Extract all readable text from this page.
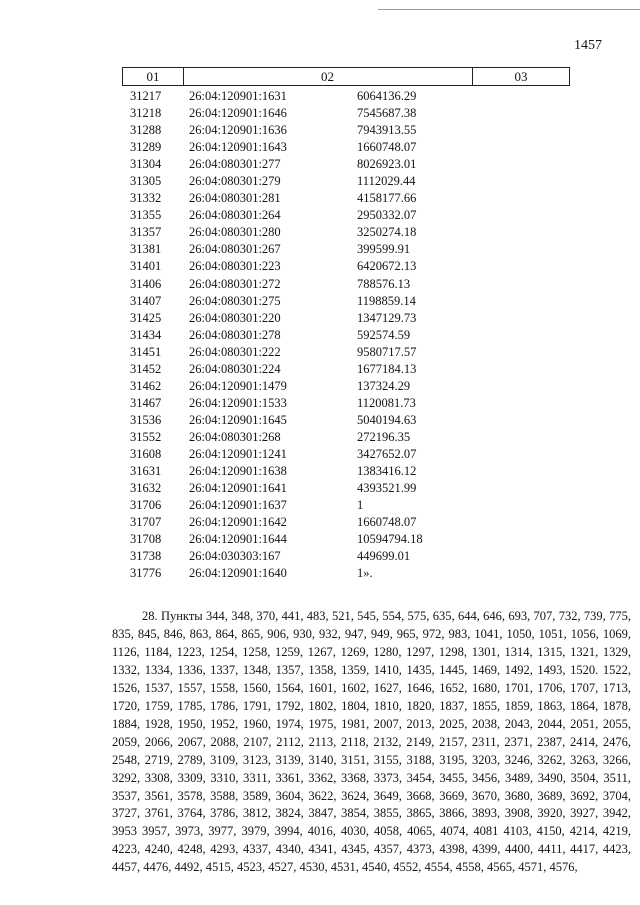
1457
01	02	03
31217 26:04:120901:1631	6064136.29
31218 26:04:120901:1646	7545687.38
31288 26:04:120901:1636	7943913.55
31289 26:04:120901:1643	1660748.07
31304 26:04:080301:277	8026923.01
31305 26:04:080301:279	1112029.44
31332 26:04:080301:281	4158177.66
31355 26:04:080301:264	2950332.07
31357 26:04:080301:280	3250274.18
31381 26:04:080301:267	399599.91
31401 26:04:080301:223	6420672.13
31406 26:04:080301:272	788576.13
31407 26:04:080301:275	1198859.14
31425 26:04:080301:220	1347129.73
31434 26:04:080301:278	592574.59
31451 26:04:080301:222	9580717.57
31452 26:04:080301:224	1677184.13
31462 26:04:120901:1479	137324.29
31467 26:04:120901:1533	1120081.73
31536 26:04:120901:1645	5040194.63
31552 26:04:080301:268	272196.35
31608 26:04:120901:1241	3427652.07
31631 26:04:120901:1638	1383416.12
31632 26:04:120901:1641	4393521.99
31706 26:04:120901:1637	1
31707 26:04:120901:1642	1660748.07
31708 26:04:120901:1644	10594794.18
31738 26:04:030303:167	449699.01
31776 26:04:120901:1640	1».
28. Пункты 344, 348, 370, 441, 483, 521, 545, 554, 575, 635, 644, 646, 693, 707, 732, 739, 775, 835, 845, 846, 863, 864, 865, 906, 930, 932, 947, 949, 965, 972, 983, 1041, 1050, 1051, 1056, 1069, 1126, 1184, 1223, 1254, 1258, 1259, 1267, 1269, 1280, 1297, 1298, 1301, 1314, 1315, 1321, 1329, 1332, 1334, 1336, 1337, 1348, 1357, 1358, 1359, 1410, 1435, 1445, 1469, 1492, 1493, 1520. 1522, 1526, 1537, 1557, 1558, 1560, 1564, 1601, 1602, 1627, 1646, 1652, 1680, 1701, 1706, 1707, 1713, 1720, 1759, 1785, 1786, 1791, 1792, 1802, 1804, 1810, 1820, 1837, 1855, 1859, 1863, 1864, 1878, 1884, 1928, 1950, 1952, 1960, 1974, 1975, 1981, 2007, 2013, 2025, 2038, 2043, 2044, 2051, 2055, 2059, 2066, 2067, 2088, 2107, 2112, 2113, 2118, 2132, 2149, 2157, 2311, 2371, 2387, 2414, 2476, 2548, 2719, 2789, 3109, 3123, 3139, 3140, 3151, 3155, 3188, 3195, 3203, 3246, 3262, 3263, 3266, 3292, 3308, 3309, 3310, 3311, 3361, 3362, 3368, 3373, 3454, 3455, 3456, 3489, 3490, 3504, 3511, 3537, 3561, 3578, 3588, 3589, 3604, 3622, 3624, 3649, 3668, 3669, 3670, 3680, 3689, 3692, 3704, 3727, 3761, 3764, 3786, 3812, 3824, 3847, 3854, 3855, 3865, 3866, 3893, 3908, 3920, 3927, 3942, 3953 3957, 3973, 3977, 3979, 3994, 4016, 4030, 4058, 4065, 4074, 4081 4103, 4150, 4214, 4219, 4223, 4240, 4248, 4293, 4337, 4340, 4341, 4345, 4357, 4373, 4398, 4399, 4400, 4411, 4417, 4423, 4457, 4476, 4492, 4515, 4523, 4527, 4530, 4531, 4540, 4552, 4554, 4558, 4565, 4571, 4576,
